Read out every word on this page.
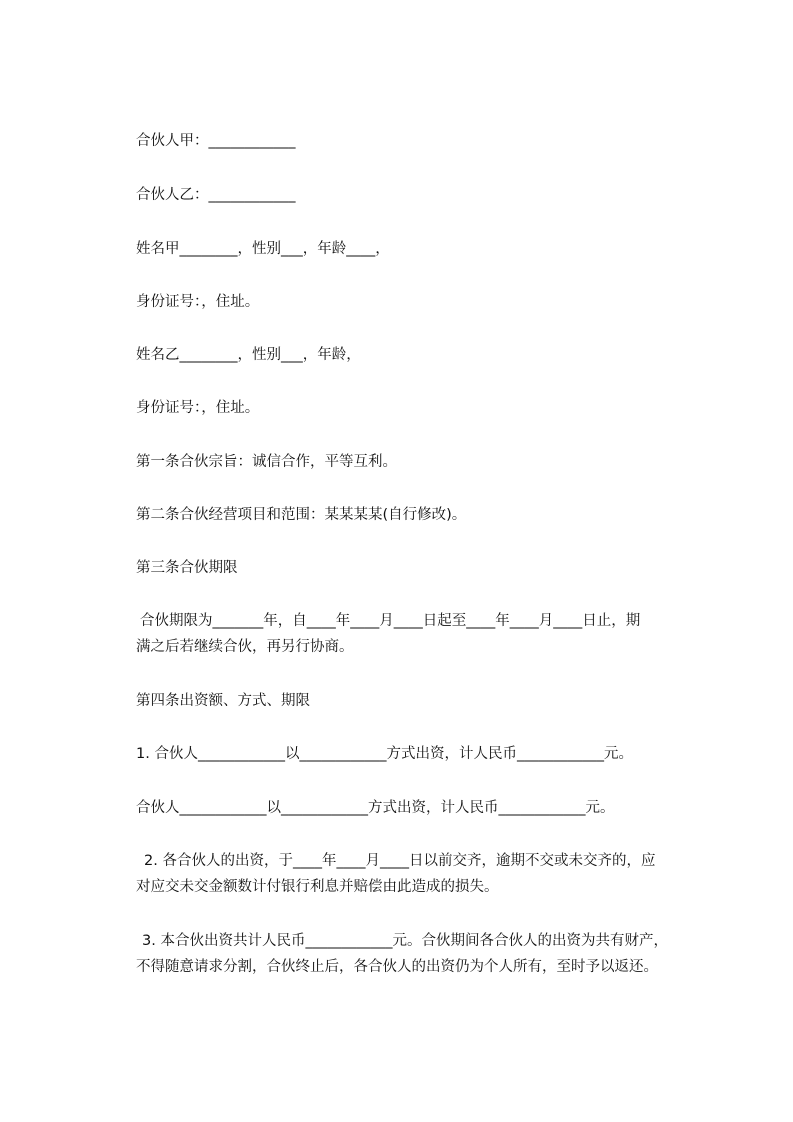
合伙人甲：____________
合伙人乙：____________
姓名甲________，性别___，年龄____，
身份证号：，住址。
姓名乙________，性别___，年龄，
身份证号：，住址。
第一条合伙宗旨：诚信合作，平等互利。
第二条合伙经营项目和范围：某某某某(自行修改)。
第三条合伙期限
合伙期限为_______年，自____年____月____日起至____年____月____日止，期
满之后若继续合伙，再另行协商。
第四条出资额、方式、期限
1. 合伙人____________以____________方式出资，计人民币____________元。
合伙人____________以____________方式出资，计人民币____________元。
2. 各合伙人的出资，于____年____月____日以前交齐，逾期不交或未交齐的，应
对应交未交金额数计付银行利息并赔偿由此造成的损失。
3. 本合伙出资共计人民币____________元。合伙期间各合伙人的出资为共有财产，
不得随意请求分割，合伙终止后，各合伙人的出资仍为个人所有，至时予以返还。
